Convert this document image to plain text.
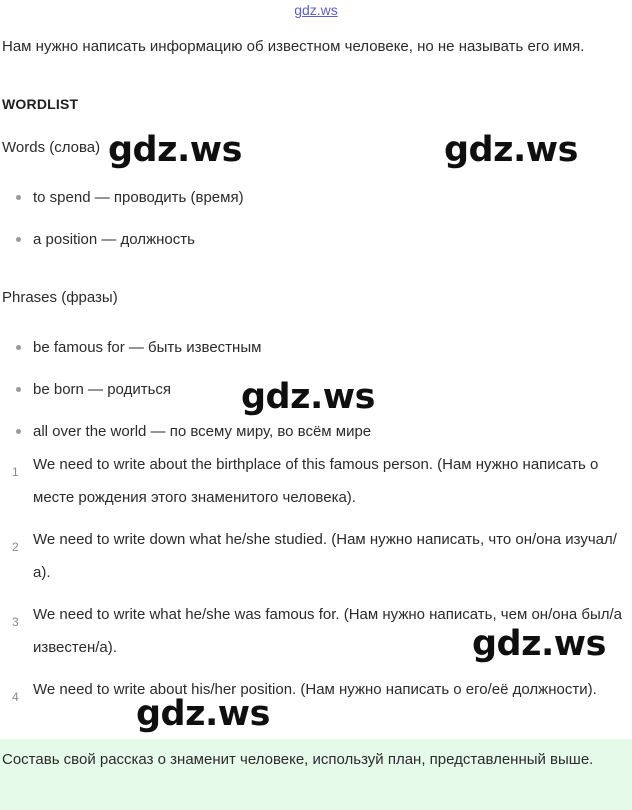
gdz.ws
Нам нужно написать информацию об известном человеке, но не называть его имя.
WORDLIST
Words (слова)
to spend — проводить (время)
a position — должность
Phrases (фразы)
be famous for — быть известным
be born — родиться
all over the world — по всему миру, во всём мире
1 We need to write about the birthplace of this famous person. (Нам нужно написать о месте рождения этого знаменитого человека).
2 We need to write down what he/she studied. (Нам нужно написать, что он/она изучал/а).
3 We need to write what he/she was famous for. (Нам нужно написать, чем он/она был/а известен/а).
4 We need to write about his/her position. (Нам нужно написать о его/её должности).
Составь свой рассказ о знаменит человеке, используй план, представленный выше.
gdz.ws	gdz.ws
gdz.ws
gdz.ws
gdz.ws
